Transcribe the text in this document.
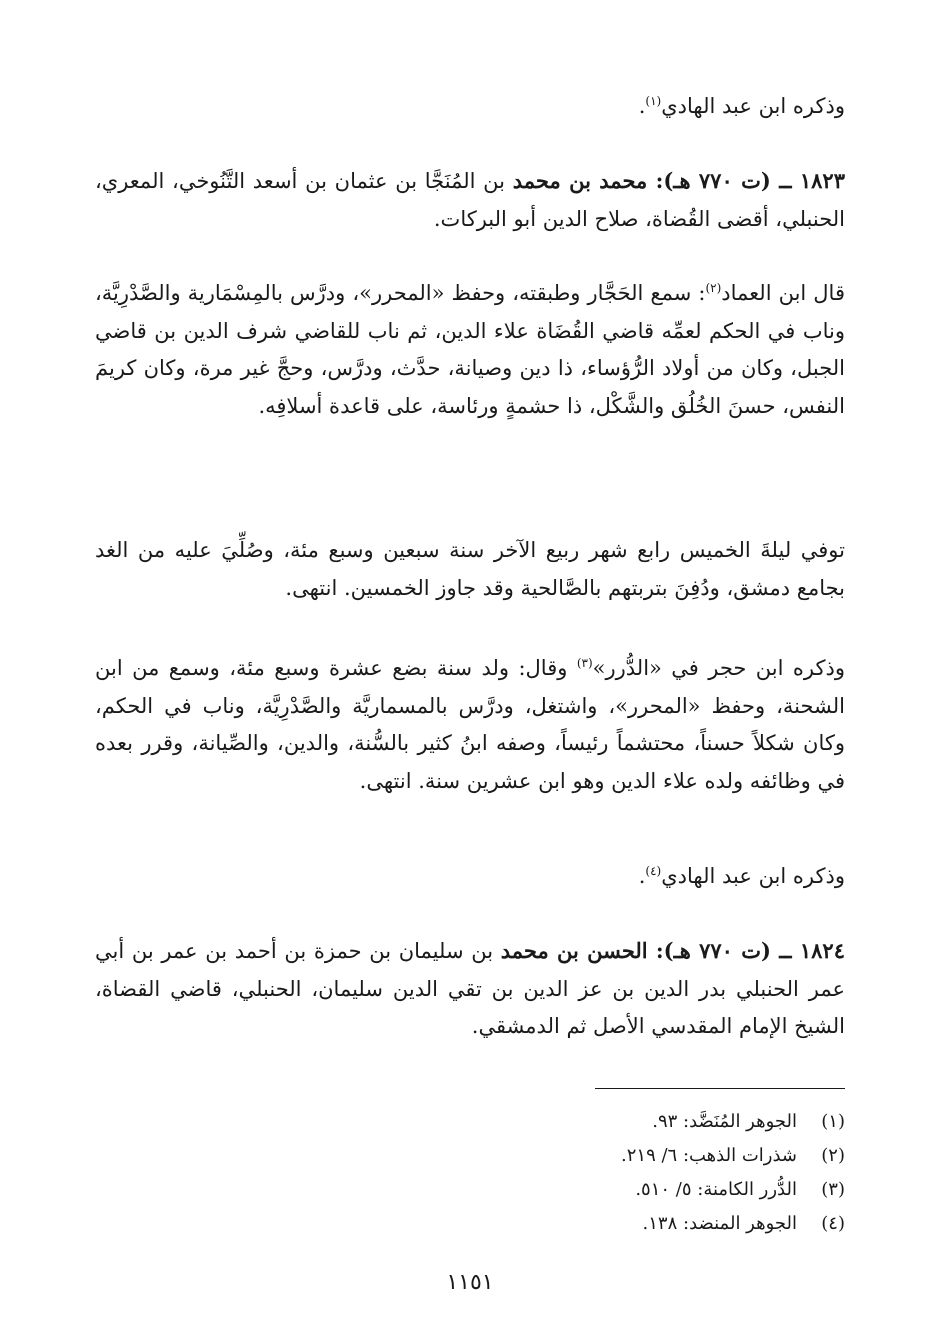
وذكره ابن عبد الهادي$^{(١)}$.

١٨٢٣ ــ (ت ٧٧٠ هـ): محمد بن محمد بن المُنَجَّا بن عثمان بن أسعد التَّنُوخي، المعري، الحنبلي، أقضى القُضاة، صلاح الدين أبو البركات.

قال ابن العماد$^{(٢)}$: سمع الحَجَّار وطبقته، وحفظ «المحرر»، ودرَّس بالمِسْمَارية والصَّدْرِيَّة، وناب في الحكم لعمِّه قاضي القُضَاة علاء الدين، ثم ناب للقاضي شرف الدين بن قاضي الجبل، وكان من أولاد الرُّؤساء، ذا دين وصيانة، حدَّث، ودرَّس، وحجَّ غير مرة، وكان كريمَ النفس، حسنَ الخُلُق والشَّكْل، ذا حشمةٍ ورئاسة، على قاعدة أسلافِه.

توفي ليلةَ الخميس رابع شهر ربيع الآخر سنة سبعين وسبع مئة، وصُلِّيَ عليه من الغد بجامع دمشق، ودُفِنَ بتربتهم بالصَّالحية وقد جاوز الخمسين. انتهى.

وذكره ابن حجر في «الدُّرر»$^{(٣)}$ وقال: ولد سنة بضع عشرة وسبع مئة، وسمع من ابن الشحنة، وحفظ «المحرر»، واشتغل، ودرَّس بالمسماريَّة والصَّدْرِيَّة، وناب في الحكم، وكان شكلاً حسناً، محتشماً رئيساً، وصفه ابنُ كثير بالسُّنة، والدين، والصِّيانة، وقرر بعده في وظائفه ولده علاء الدين وهو ابن عشرين سنة. انتهى.

وذكره ابن عبد الهادي$^{(٤)}$.

١٨٢٤ ــ (ت ٧٧٠ هـ): الحسن بن محمد بن سليمان بن حمزة بن أحمد بن عمر بن أبي عمر الحنبلي بدر الدين بن عز الدين بن تقي الدين سليمان، الحنبلي، قاضي القضاة، الشيخ الإمام المقدسي الأصل ثم الدمشقي.

(١)
الجوهر المُنَضَّد: ٩٣.
(٢)
شذرات الذهب: ٦/ ٢١٩.
(٣)
الدُّرر الكامنة: ٥/ ٥١٠.
(٤)
الجوهر المنضد: ١٣٨.
١١٥١
